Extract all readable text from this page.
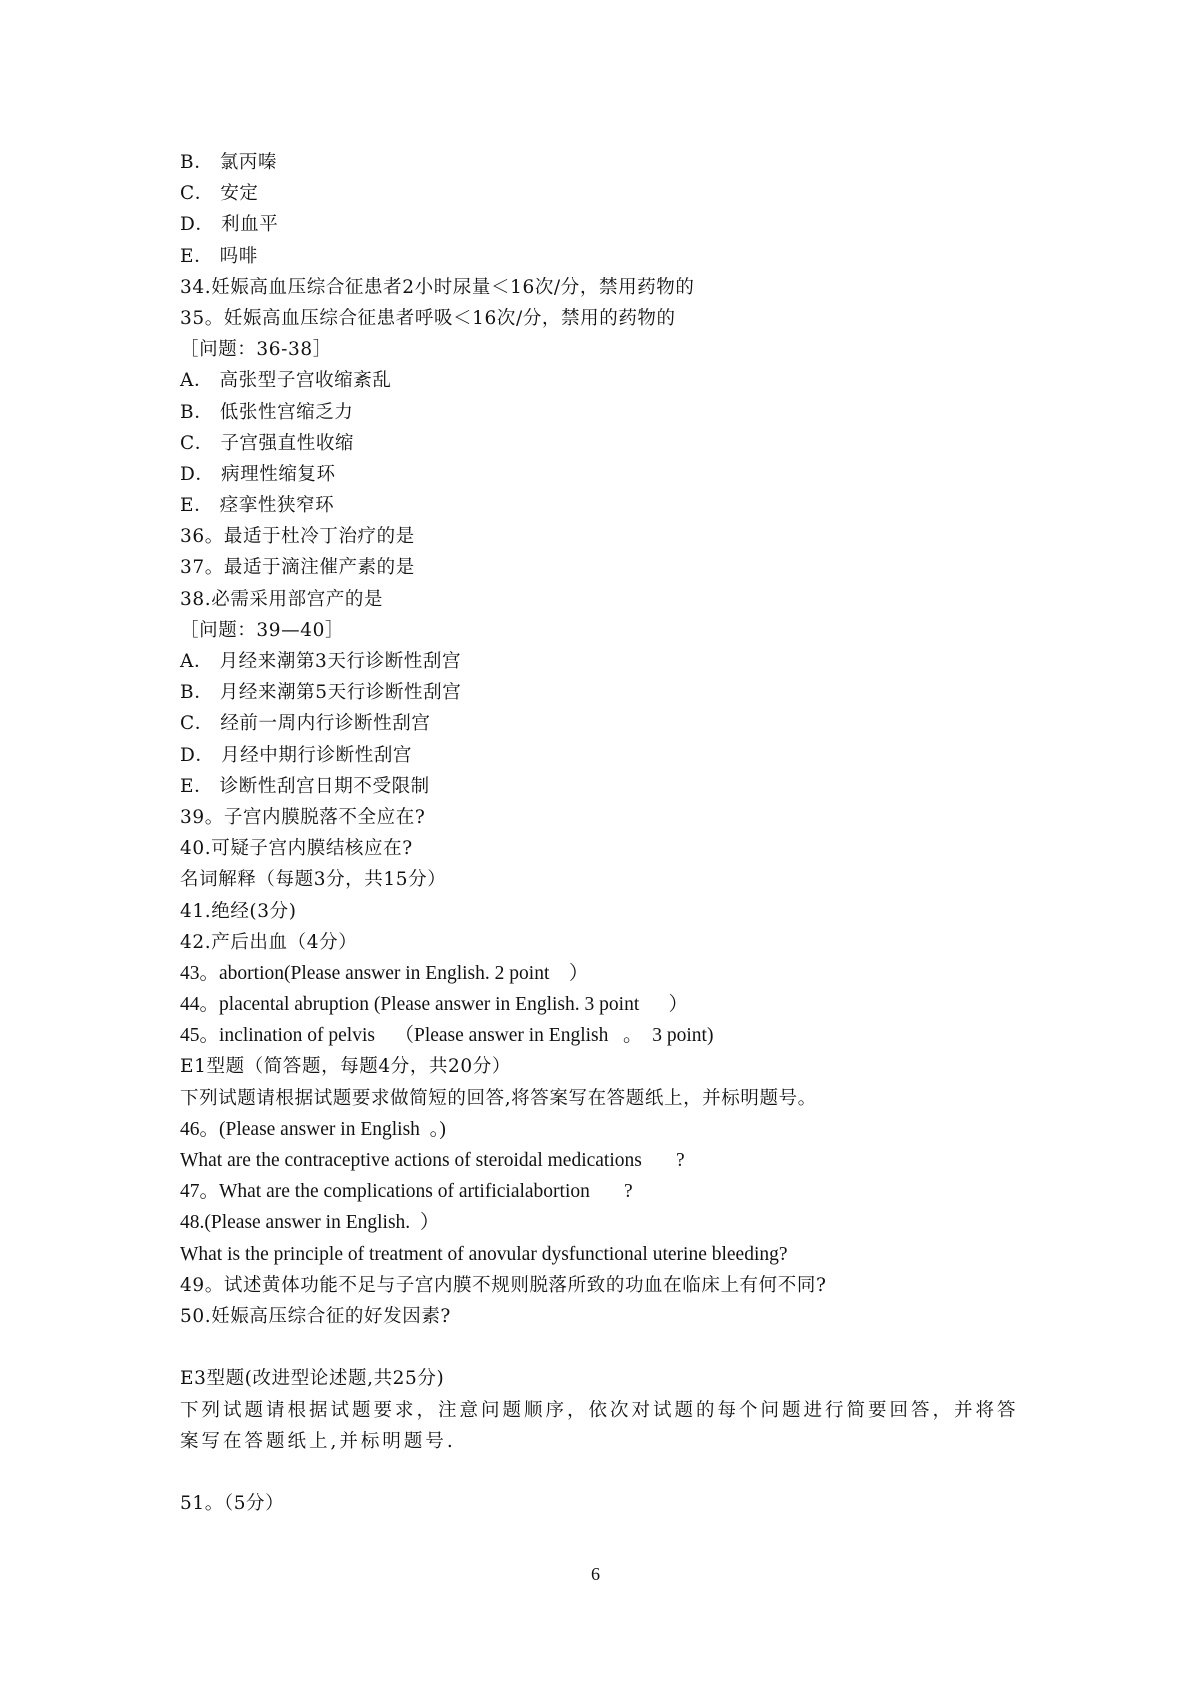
B． 氯丙嗪
C． 安定
D． 利血平
E． 吗啡
34.妊娠高血压综合征患者2小时尿量＜16次/分，禁用药物的
35。妊娠高血压综合征患者呼吸＜16次/分，禁用的药物的
［问题：36-38］
A． 高张型子宫收缩紊乱
B． 低张性宫缩乏力
C． 子宫强直性收缩
D． 病理性缩复环
E． 痉挛性狭窄环
36。最适于杜冷丁治疗的是
37。最适于滴注催产素的是
38.必需采用部宫产的是
［问题：39—40］
A． 月经来潮第3天行诊断性刮宫
B． 月经来潮第5天行诊断性刮宫
C． 经前一周内行诊断性刮宫
D． 月经中期行诊断性刮宫
E． 诊断性刮宫日期不受限制
39。子宫内膜脱落不全应在?
40.可疑子宫内膜结核应在?
名词解释（每题3分，共15分）
41.绝经(3分)
42.产后出血（4分）
43。abortion(Please answer in English. 2 point    ）
44。placental abruption (Please answer in English. 3 point      ）
45。inclination of pelvis    （Please answer in English   。  3 point)
E1型题（简答题，每题4分，共20分）
下列试题请根据试题要求做简短的回答,将答案写在答题纸上，并标明题号。
46。(Please answer in English  。)
What are the contraceptive actions of steroidal medications       ?
47。What are the complications of artificialabortion       ?
48.(Please answer in English.  ）
What is the principle of treatment of anovular dysfunctional uterine bleeding?
49。试述黄体功能不足与子宫内膜不规则脱落所致的功血在临床上有何不同?
50.妊娠高压综合征的好发因素?
E3型题(改进型论述题,共25分)
下列试题请根据试题要求，注意问题顺序，依次对试题的每个问题进行简要回答，并将答案写在答题纸上,并标明题号.
51。（5分）
6
